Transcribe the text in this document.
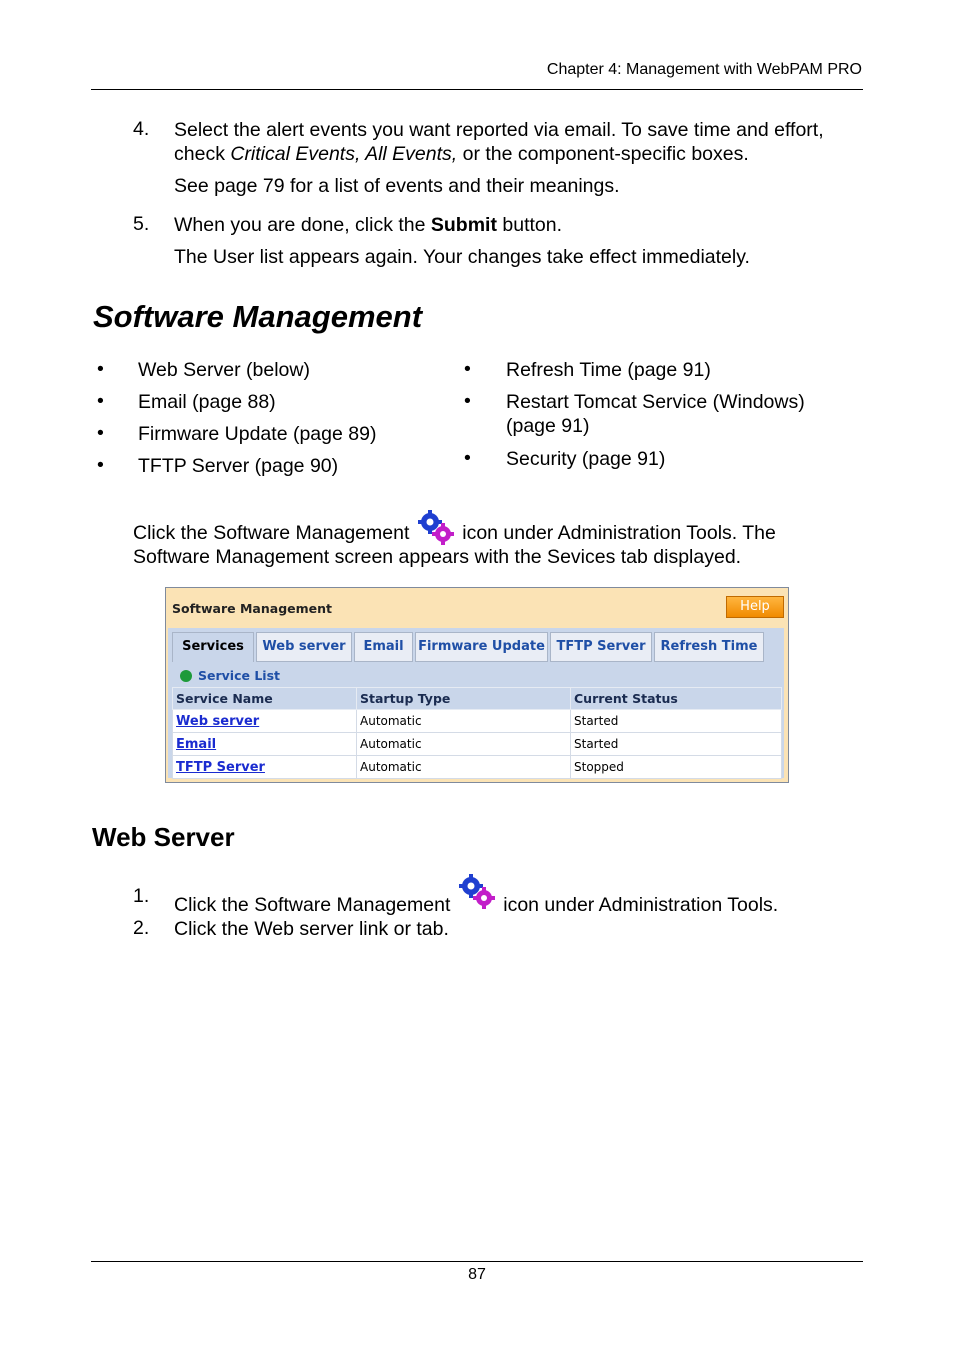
Chapter 4: Management with WebPAM PRO
4. Select the alert events you want reported via email. To save time and effort,
check Critical Events, All Events, or the component-specific boxes.
See page 79 for a list of events and their meanings.
5. When you are done, click the Submit button.
The User list appears again. Your changes take effect immediately.
Software Management
• Web Server (below)
• Email (page 88)
• Firmware Update (page 89)
• TFTP Server (page 90)
• Refresh Time (page 91)
• Restart Tomcat Service (Windows)
(page 91)
• Security (page 91)
Click the Software Management	icon under Administration Tools. The
Software Management screen appears with the Sevices tab displayed.
Software Management	Help
Services	Web server	Email	Firmware Update TFTP Server	Refresh Time
Service List
Service Name	Startup Type	Current Status
Web server	Automatic	Started
Email	Automatic	Started
TFTP Server	Automatic	Stopped
Web Server
1. Click the Software Management	icon under Administration Tools.
2. Click the Web server link or tab.
87
